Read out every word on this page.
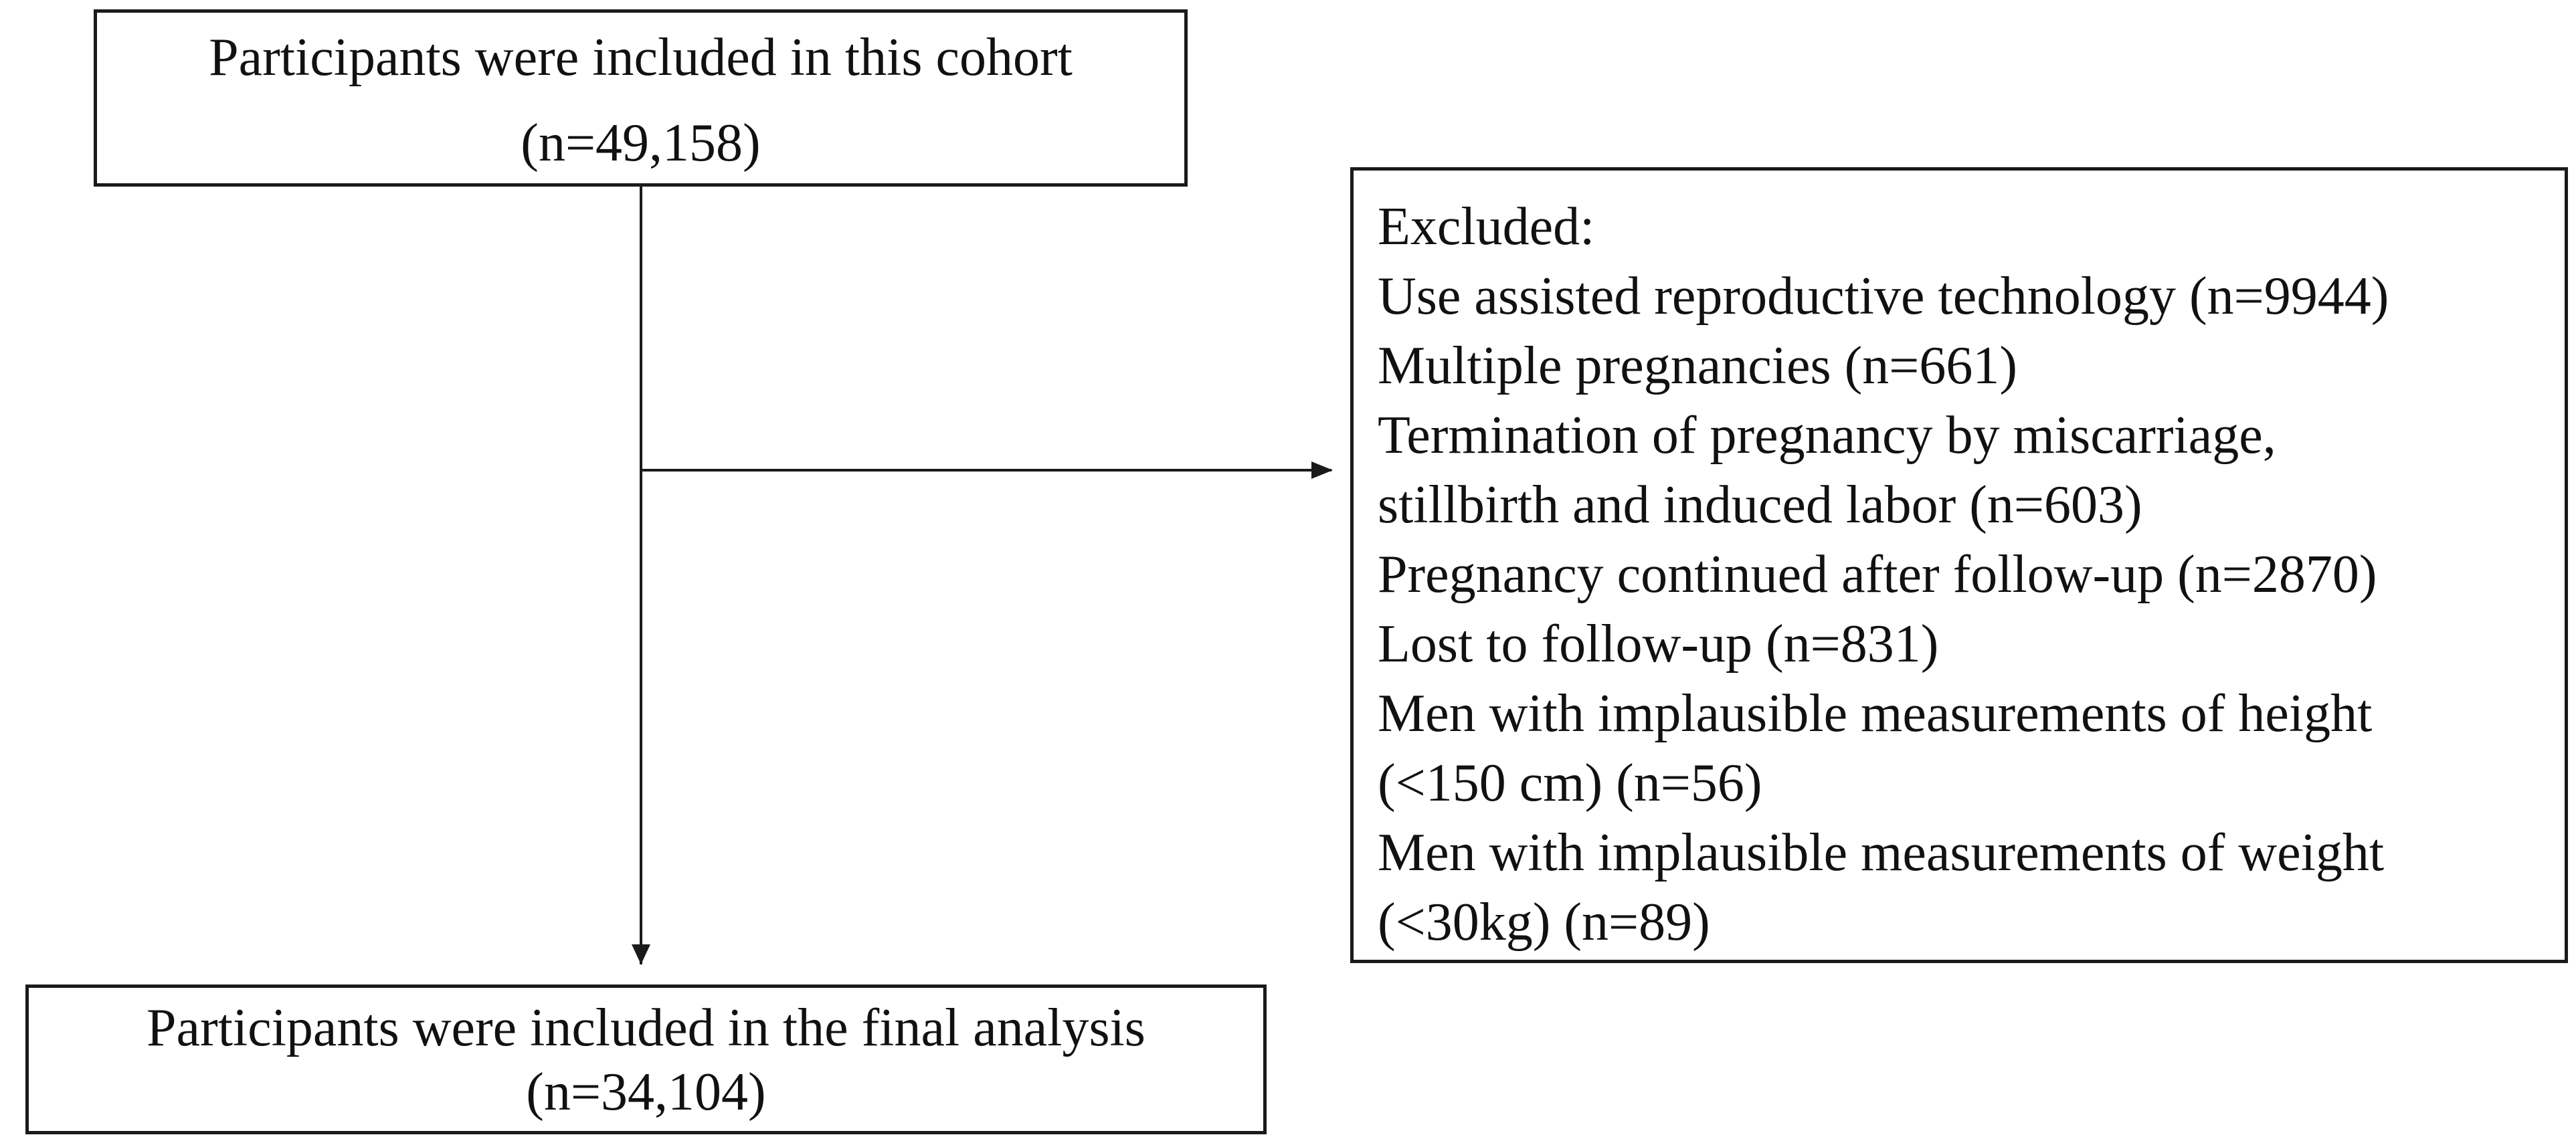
Participants were included in this cohort
(n=49,158)
Excluded:
Use assisted reproductive technology (n=9944)
Multiple pregnancies (n=661)
Termination of pregnancy by miscarriage,
stillbirth and induced labor (n=603)
Pregnancy continued after follow-up (n=2870)
Lost to follow-up (n=831)
Men with implausible measurements of height
(<150 cm) (n=56)
Men with implausible measurements of weight
(<30kg) (n=89)
Participants were included in the final analysis
(n=34,104)
